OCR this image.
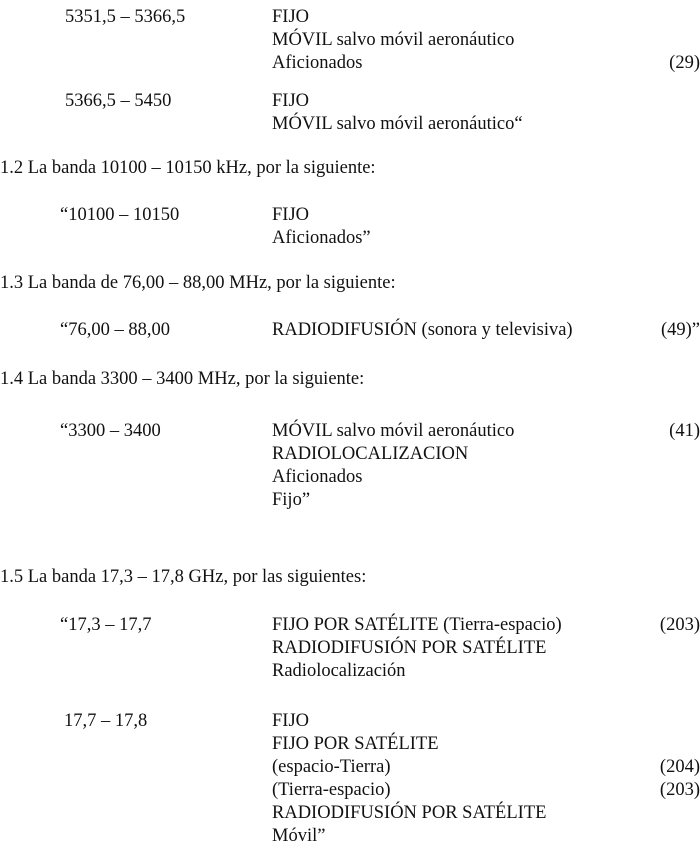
5351,5 – 5366,5	FIJO
MÓVIL salvo móvil aeronáutico
Aficionados	(29)
5366,5 – 5450	FIJO
MÓVIL salvo móvil aeronáutico“
1.2 La banda 10100 – 10150 kHz, por la siguiente:
“10100 – 10150	FIJO
Aficionados”
1.3 La banda de 76,00 – 88,00 MHz, por la siguiente:
“76,00 – 88,00	RADIODIFUSIÓN (sonora y televisiva)	(49)”
1.4 La banda 3300 – 3400 MHz, por la siguiente:
“3300 – 3400	MÓVIL salvo móvil aeronáutico	(41)
RADIOLOCALIZACION
Aficionados
Fijo”
1.5 La banda 17,3 – 17,8 GHz, por las siguientes:
“17,3 – 17,7	FIJO POR SATÉLITE (Tierra-espacio)	(203)
RADIODIFUSIÓN POR SATÉLITE
Radiolocalización
17,7 – 17,8	FIJO
FIJO POR SATÉLITE
(espacio-Tierra)	(204)
(Tierra-espacio)	(203)
RADIODIFUSIÓN POR SATÉLITE
Móvil”
